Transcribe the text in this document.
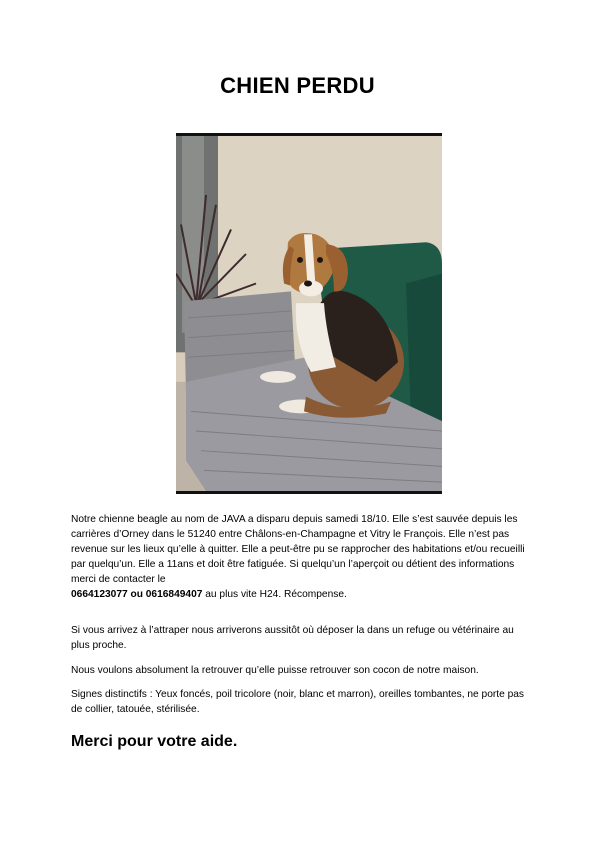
CHIEN PERDU
Notre chienne beagle au nom de JAVA a disparu depuis samedi 18/10. Elle s’est sauvée depuis les carrières d’Orney dans le 51240 entre Châlons-en-Champagne et Vitry le François. Elle n’est pas revenue sur les lieux qu’elle à quitter. Elle a peut-être pu se rapprocher des habitations et/ou recueilli par quelqu’un. Elle a 11ans et doit être fatiguée. Si quelqu’un l’aperçoit ou détient des informations merci de contacter le
0664123077 ou 0616849407 au plus vite H24. Récompense.

Si vous arrivez à l’attraper nous arriverons aussitôt où déposer la dans un refuge ou vétérinaire au plus proche.

Nous voulons absolument la retrouver qu’elle puisse retrouver son cocon de notre maison.

Signes distinctifs : Yeux foncés, poil tricolore (noir, blanc et marron), oreilles tombantes, ne porte pas de collier, tatouée, stérilisée.
Merci pour votre aide.
